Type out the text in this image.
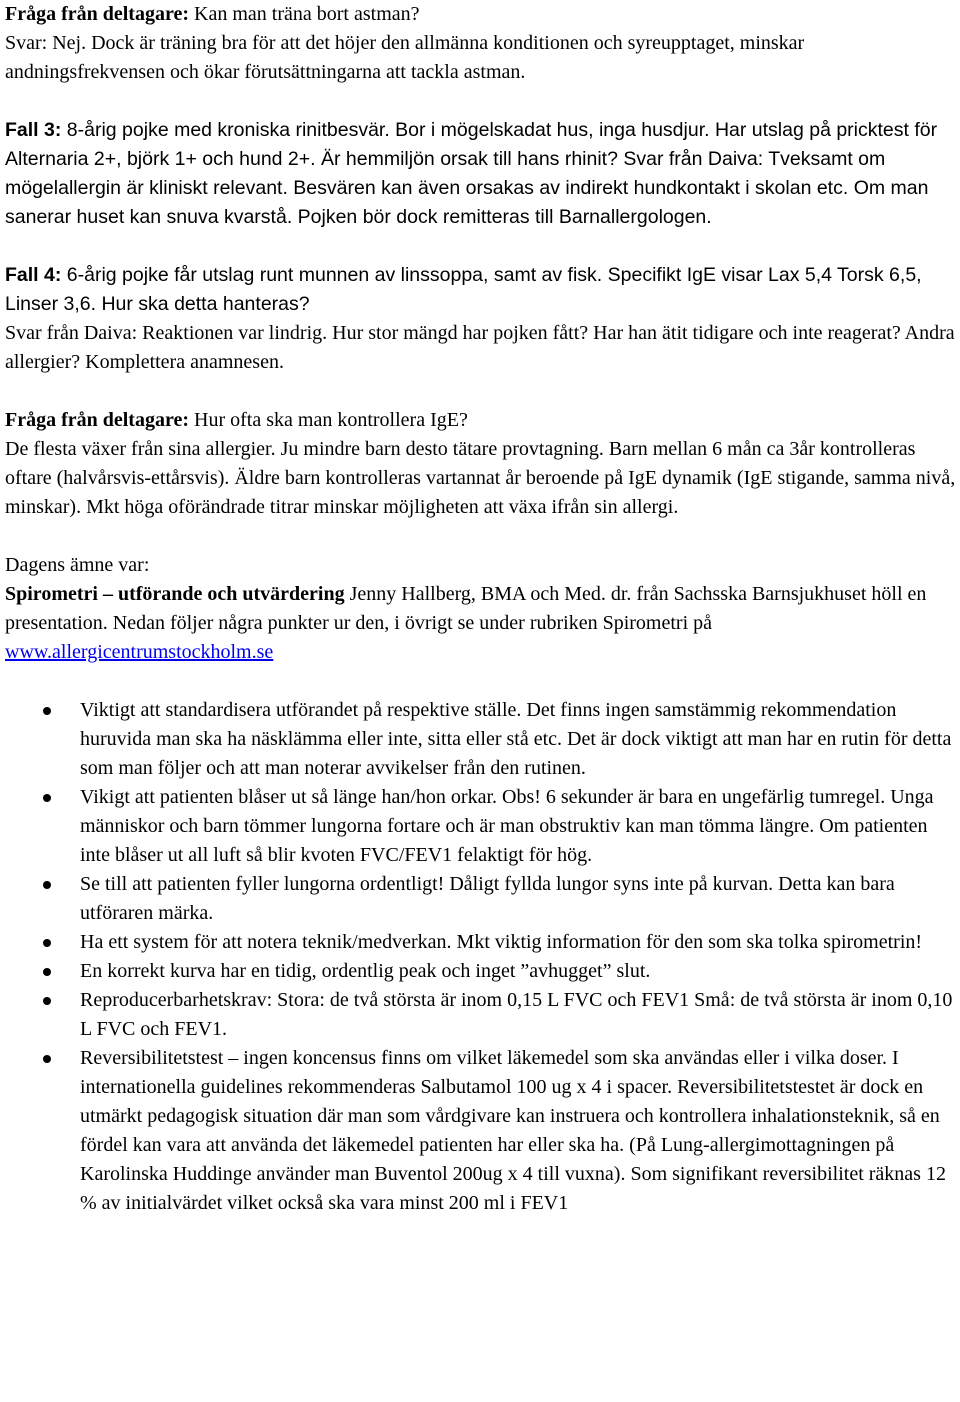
Fråga från deltagare: Kan man träna bort astman?

Svar: Nej. Dock är träning bra för att det höjer den allmänna konditionen och syreupptaget, minskar andningsfrekvensen och ökar förutsättningarna att tackla astman.

Fall 3: 8-årig pojke med kroniska rinitbesvär. Bor i mögelskadat hus, inga husdjur. Har utslag på pricktest för Alternaria 2+, björk 1+ och hund 2+. Är hemmiljön orsak till hans rhinit? Svar från Daiva: Tveksamt om mögelallergin är kliniskt relevant. Besvären kan även orsakas av indirekt hundkontakt i skolan etc. Om man sanerar huset kan snuva kvarstå. Pojken bör dock remitteras till Barnallergologen.

Fall 4: 6-årig pojke får utslag runt munnen av linssoppa, samt av fisk. Specifikt IgE visar Lax 5,4 Torsk 6,5, Linser 3,6. Hur ska detta hanteras?

Svar från Daiva: Reaktionen var lindrig. Hur stor mängd har pojken fått? Har han ätit tidigare och inte reagerat? Andra allergier? Komplettera anamnesen.

Fråga från deltagare: Hur ofta ska man kontrollera IgE?

De flesta växer från sina allergier. Ju mindre barn desto tätare provtagning. Barn mellan 6 mån ca 3år kontrolleras oftare (halvårsvis-ettårsvis). Äldre barn kontrolleras vartannat år beroende på IgE dynamik (IgE stigande, samma nivå, minskar). Mkt höga oförändrade titrar minskar möjligheten att växa ifrån sin allergi.

Dagens ämne var:

Spirometri – utförande och utvärdering Jenny Hallberg, BMA och Med. dr. från Sachsska Barnsjukhuset höll en presentation. Nedan följer några punkter ur den, i övrigt se under rubriken Spirometri på www.allergicentrumstockholm.se

Viktigt att standardisera utförandet på respektive ställe. Det finns ingen samstämmig rekommendation huruvida man ska ha näsklämma eller inte, sitta eller stå etc. Det är dock viktigt att man har en rutin för detta som man följer och att man noterar avvikelser från den rutinen.
Vikigt att patienten blåser ut så länge han/hon orkar. Obs! 6 sekunder är bara en ungefärlig tumregel. Unga människor och barn tömmer lungorna fortare och är man obstruktiv kan man tömma längre. Om patienten inte blåser ut all luft så blir kvoten FVC/FEV1 felaktigt för hög.
Se till att patienten fyller lungorna ordentligt! Dåligt fyllda lungor syns inte på kurvan. Detta kan bara utföraren märka.
Ha ett system för att notera teknik/medverkan. Mkt viktig information för den som ska tolka spirometrin!
En korrekt kurva har en tidig, ordentlig peak och inget ”avhugget” slut.
Reproducerbarhetskrav: Stora: de två största är inom 0,15 L FVC och FEV1 Små: de två största är inom 0,10 L FVC och FEV1.
Reversibilitetstest – ingen koncensus finns om vilket läkemedel som ska användas eller i vilka doser. I internationella guidelines rekommenderas Salbutamol 100 ug x 4 i spacer. Reversibilitetstestet är dock en utmärkt pedagogisk situation där man som vårdgivare kan instruera och kontrollera inhalationsteknik, så en fördel kan vara att använda det läkemedel patienten har eller ska ha. (På Lung-allergimottagningen på Karolinska Huddinge använder man Buventol 200ug x 4 till vuxna). Som signifikant reversibilitet räknas 12 % av initialvärdet vilket också ska vara minst 200 ml i FEV1
